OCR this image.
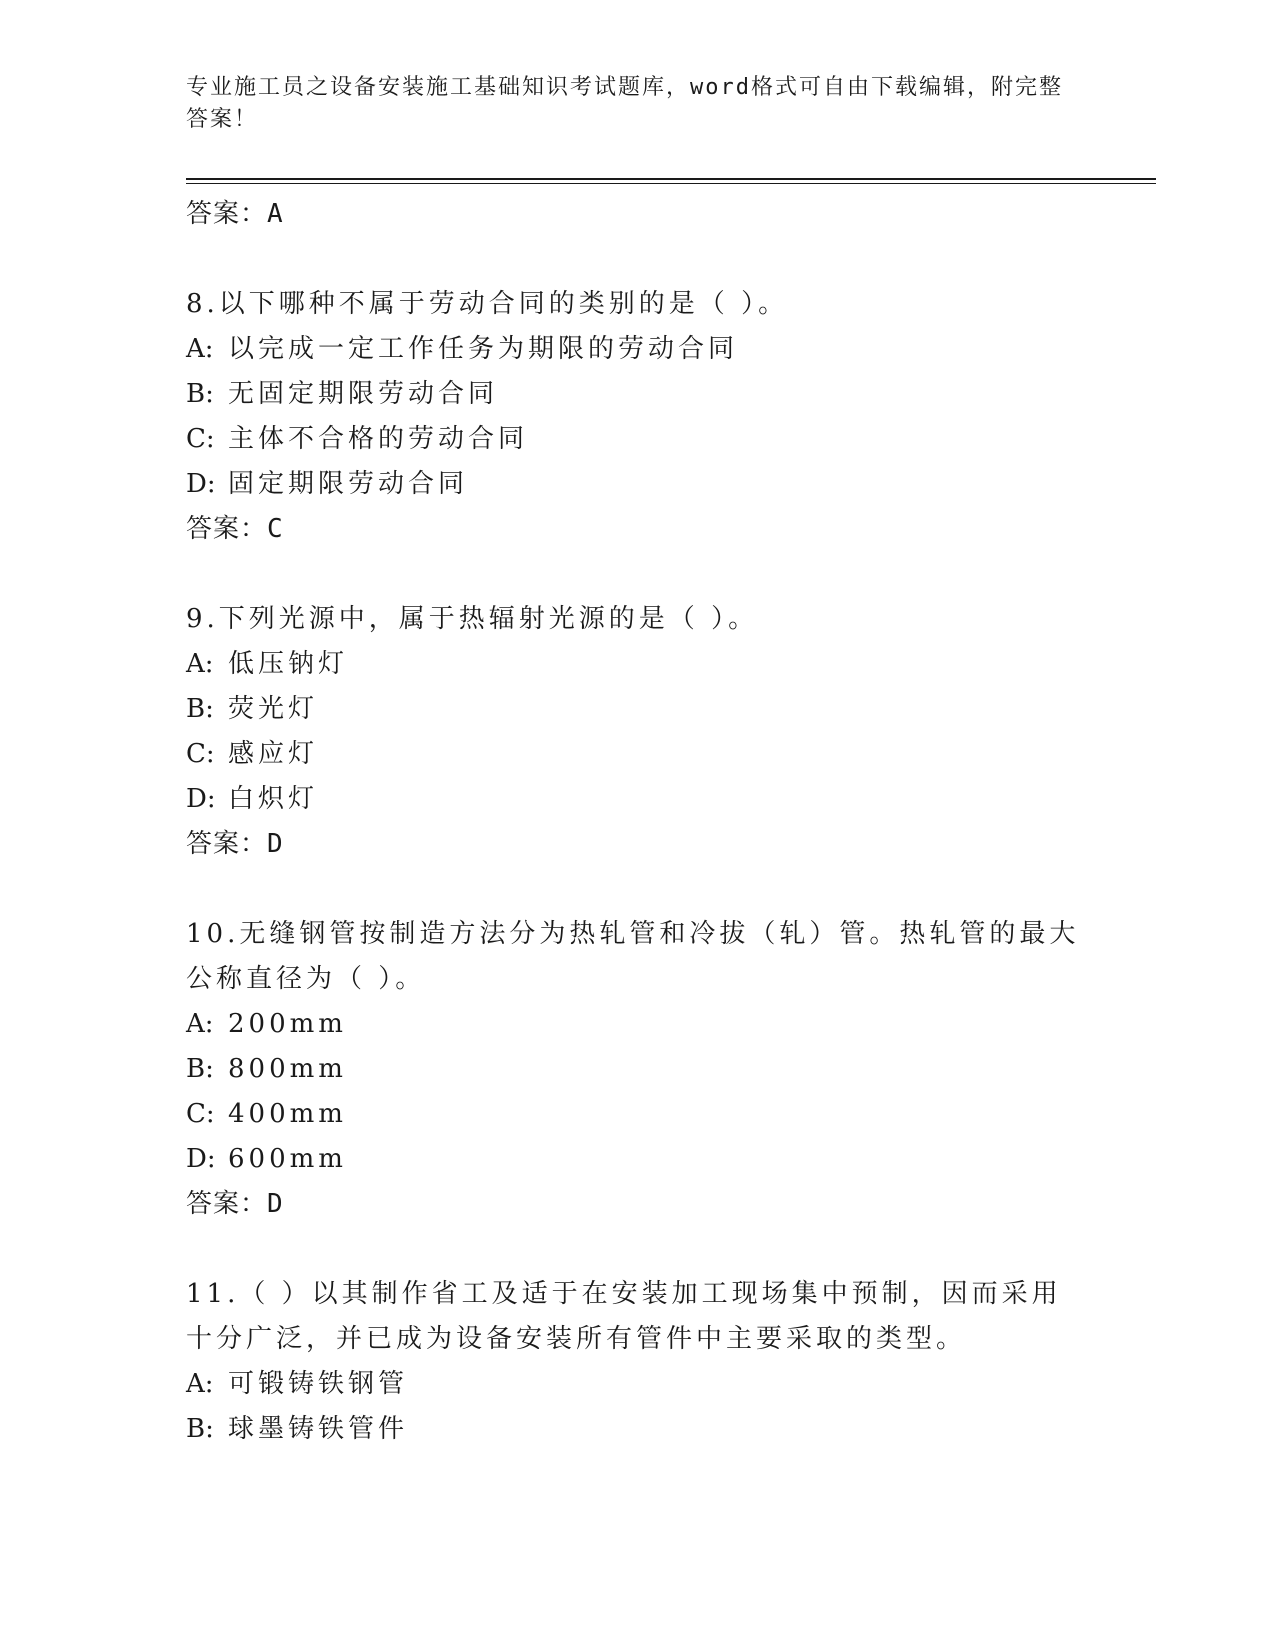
专业施工员之设备安装施工基础知识考试题库，word格式可自由下载编辑，附完整答案！
答案：A
8.以下哪种不属于劳动合同的类别的是（ ）。
A: 以完成一定工作任务为期限的劳动合同
B: 无固定期限劳动合同
C: 主体不合格的劳动合同
D: 固定期限劳动合同
答案：C
9.下列光源中，属于热辐射光源的是（ ）。
A: 低压钠灯
B: 荧光灯
C: 感应灯
D: 白炽灯
答案：D
10.无缝钢管按制造方法分为热轧管和冷拔（轧）管。热轧管的最大公称直径为（ ）。
A: 200mm
B: 800mm
C: 400mm
D: 600mm
答案：D
11.（ ）以其制作省工及适于在安装加工现场集中预制，因而采用十分广泛，并已成为设备安装所有管件中主要采取的类型。
A: 可锻铸铁钢管
B: 球墨铸铁管件
